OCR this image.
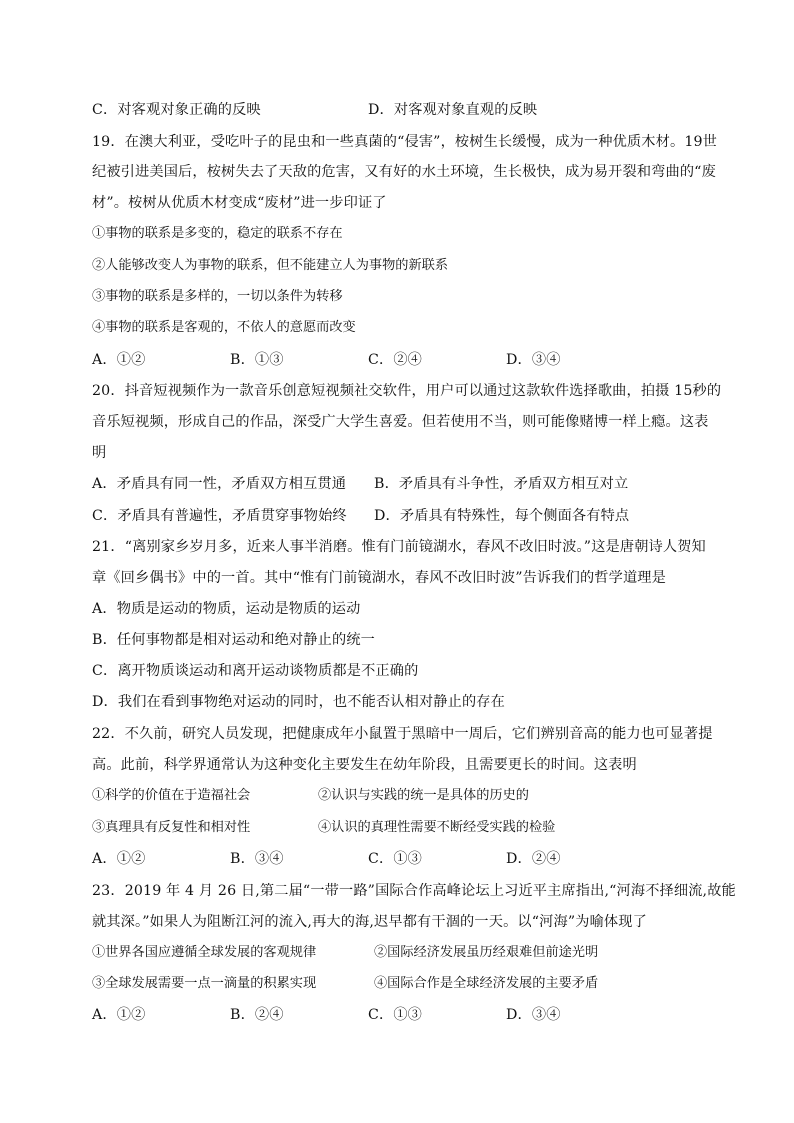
C．对客观对象正确的反映	D．对客观对象直观的反映
19．在澳大利亚，受吃叶子的昆虫和一些真菌的“侵害”，桉树生长缓慢，成为一种优质木材。19世
纪被引进美国后，桉树失去了天敌的危害，又有好的水土环境，生长极快，成为易开裂和弯曲的“废
材”。桉树从优质木材变成“废材”进一步印证了
①事物的联系是多变的，稳定的联系不存在
②人能够改变人为事物的联系，但不能建立人为事物的新联系
③事物的联系是多样的，一切以条件为转移
④事物的联系是客观的，不依人的意愿而改变
A．①②	B．①③	C．②④	D．③④
20．抖音短视频作为一款音乐创意短视频社交软件，用户可以通过这款软件选择歌曲，拍摄 15秒的
音乐短视频，形成自己的作品，深受广大学生喜爱。但若使用不当，则可能像赌博一样上瘾。这表
明
A．矛盾具有同一性，矛盾双方相互贯通 B．矛盾具有斗争性，矛盾双方相互对立
C．矛盾具有普遍性，矛盾贯穿事物始终 D．矛盾具有特殊性，每个侧面各有特点
21．“离别家乡岁月多，近来人事半消磨。惟有门前镜湖水，春风不改旧时波。”这是唐朝诗人贺知
章《回乡偶书》中的一首。其中“惟有门前镜湖水，春风不改旧时波”告诉我们的哲学道理是
A．物质是运动的物质，运动是物质的运动
B．任何事物都是相对运动和绝对静止的统一
C．离开物质谈运动和离开运动谈物质都是不正确的
D．我们在看到事物绝对运动的同时，也不能否认相对静止的存在
22．不久前，研究人员发现，把健康成年小鼠置于黑暗中一周后，它们辨别音高的能力也可显著提
高。此前，科学界通常认为这种变化主要发生在幼年阶段，且需要更长的时间。这表明
①科学的价值在于造福社会	②认识与实践的统一是具体的历史的
③真理具有反复性和相对性	④认识的真理性需要不断经受实践的检验
A．①②	B．③④	C．①③	D．②④
23．2019 年 4 月 26 日,第二届“一带一路”国际合作高峰论坛上习近平主席指出,“河海不择细流,故能
就其深。”如果人为阻断江河的流入,再大的海,迟早都有干涸的一天。以“河海”为喻体现了
①世界各国应遵循全球发展的客观规律	②国际经济发展虽历经艰难但前途光明
③全球发展需要一点一滴量的积累实现	④国际合作是全球经济发展的主要矛盾
A．①②	B．②④	C．①③	D．③④
